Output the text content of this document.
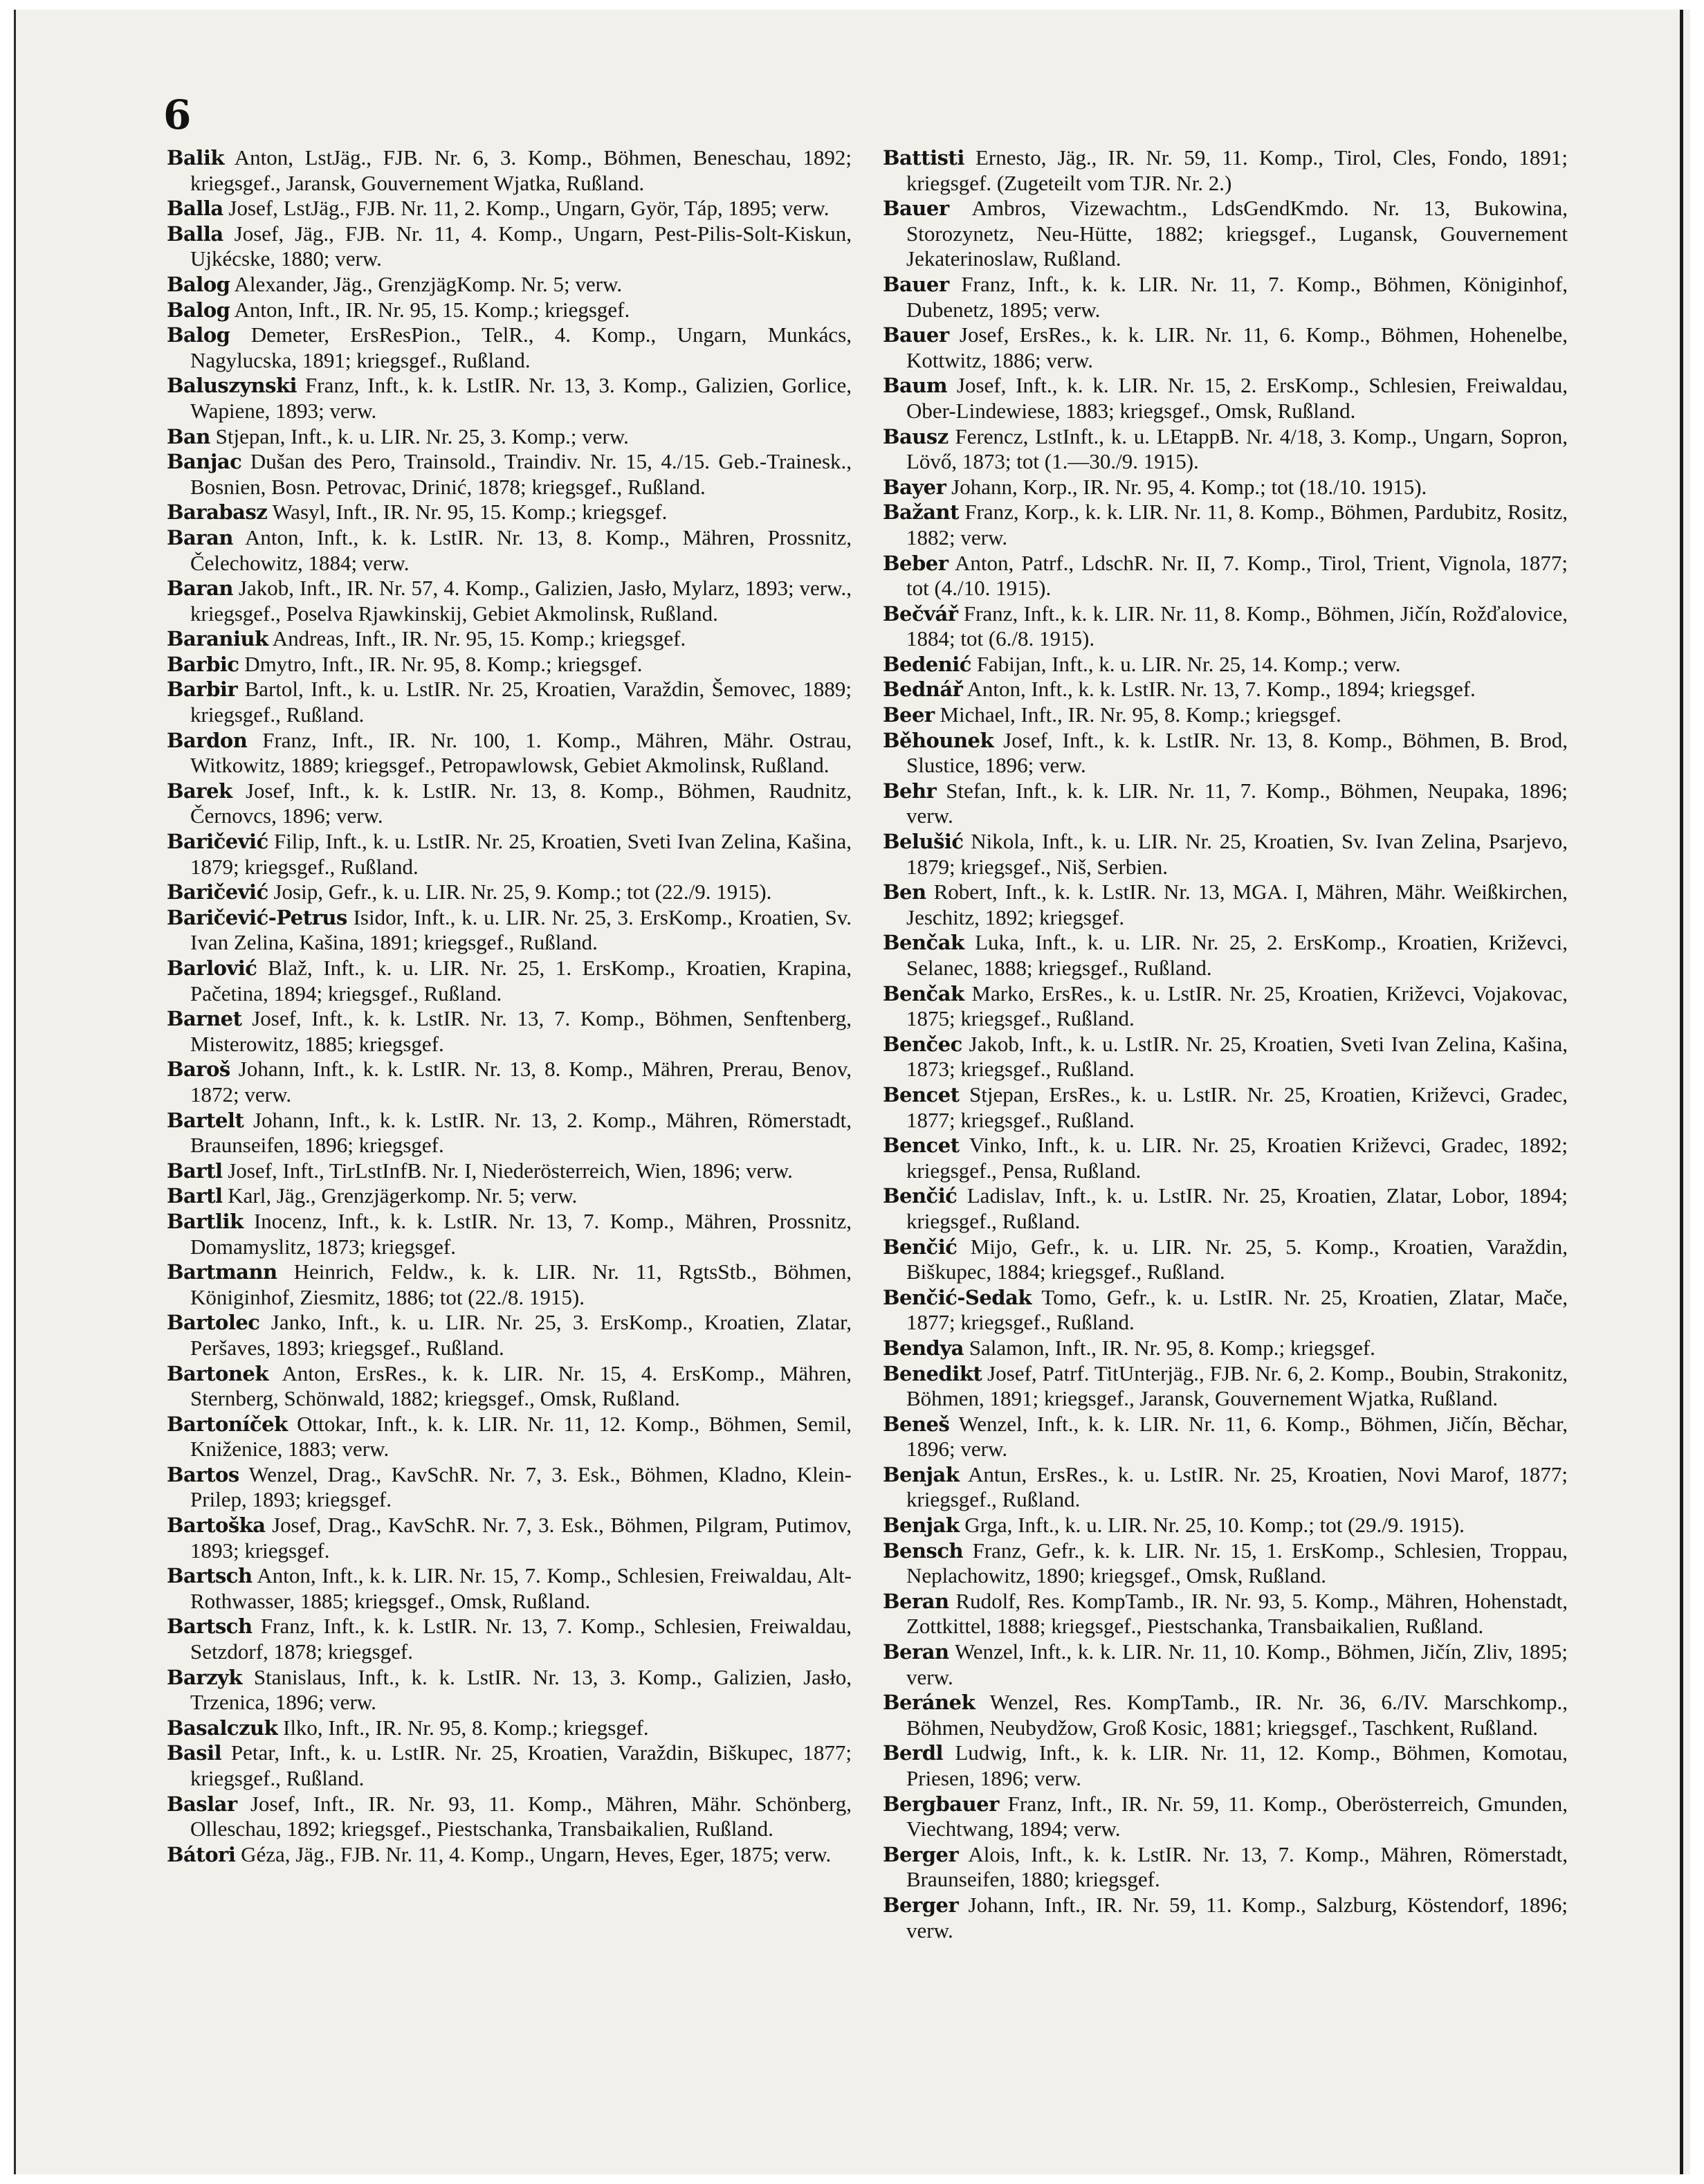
6
Balik Anton, LstJäg., FJB. Nr. 6, 3. Komp., Böhmen, Beneschau, 1892; kriegsgef., Jaransk, Gouvernement Wjatka, Rußland.
Balla Josef, LstJäg., FJB. Nr. 11, 2. Komp., Ungarn, Györ, Táp, 1895; verw.
Balla Josef, Jäg., FJB. Nr. 11, 4. Komp., Ungarn, Pest-Pilis-Solt-Kiskun, Ujkécske, 1880; verw.
Balog Alexander, Jäg., GrenzjägKomp. Nr. 5; verw.
Balog Anton, Inft., IR. Nr. 95, 15. Komp.; kriegsgef.
Balog Demeter, ErsResPion., TelR., 4. Komp., Ungarn, Munkács, Nagylucska, 1891; kriegsgef., Rußland.
Baluszynski Franz, Inft., k. k. LstIR. Nr. 13, 3. Komp., Galizien, Gorlice, Wapiene, 1893; verw.
Ban Stjepan, Inft., k. u. LIR. Nr. 25, 3. Komp.; verw.
Banjac Dušan des Pero, Trainsold., Traindiv. Nr. 15, 4./15. Geb.-Trainesk., Bosnien, Bosn. Petrovac, Drinić, 1878; kriegsgef., Rußland.
Barabasz Wasyl, Inft., IR. Nr. 95, 15. Komp.; kriegsgef.
Baran Anton, Inft., k. k. LstIR. Nr. 13, 8. Komp., Mähren, Prossnitz, Čelechowitz, 1884; verw.
Baran Jakob, Inft., IR. Nr. 57, 4. Komp., Galizien, Jasło, Mylarz, 1893; verw., kriegsgef., Poselva Rjawkinskij, Gebiet Akmolinsk, Rußland.
Baraniuk Andreas, Inft., IR. Nr. 95, 15. Komp.; kriegsgef.
Barbic Dmytro, Inft., IR. Nr. 95, 8. Komp.; kriegsgef.
Barbir Bartol, Inft., k. u. LstIR. Nr. 25, Kroatien, Varaždin, Šemovec, 1889; kriegsgef., Rußland.
Bardon Franz, Inft., IR. Nr. 100, 1. Komp., Mähren, Mähr. Ostrau, Witkowitz, 1889; kriegsgef., Petropawlowsk, Gebiet Akmolinsk, Rußland.
Barek Josef, Inft., k. k. LstIR. Nr. 13, 8. Komp., Böhmen, Raudnitz, Černovcs, 1896; verw.
Baričević Filip, Inft., k. u. LstIR. Nr. 25, Kroatien, Sveti Ivan Zelina, Kašina, 1879; kriegsgef., Rußland.
Baričević Josip, Gefr., k. u. LIR. Nr. 25, 9. Komp.; tot (22./9. 1915).
Baričević-Petrus Isidor, Inft., k. u. LIR. Nr. 25, 3. ErsKomp., Kroatien, Sv. Ivan Zelina, Kašina, 1891; kriegsgef., Rußland.
Barlović Blaž, Inft., k. u. LIR. Nr. 25, 1. ErsKomp., Kroatien, Krapina, Pačetina, 1894; kriegsgef., Rußland.
Barnet Josef, Inft., k. k. LstIR. Nr. 13, 7. Komp., Böhmen, Senftenberg, Misterowitz, 1885; kriegsgef.
Baroš Johann, Inft., k. k. LstIR. Nr. 13, 8. Komp., Mähren, Prerau, Benov, 1872; verw.
Bartelt Johann, Inft., k. k. LstIR. Nr. 13, 2. Komp., Mähren, Römerstadt, Braunseifen, 1896; kriegsgef.
Bartl Josef, Inft., TirLstInfB. Nr. I, Niederösterreich, Wien, 1896; verw.
Bartl Karl, Jäg., Grenzjägerkomp. Nr. 5; verw.
Bartlik Inocenz, Inft., k. k. LstIR. Nr. 13, 7. Komp., Mähren, Prossnitz, Domamyslitz, 1873; kriegsgef.
Bartmann Heinrich, Feldw., k. k. LIR. Nr. 11, RgtsStb., Böhmen, Königinhof, Ziesmitz, 1886; tot (22./8. 1915).
Bartolec Janko, Inft., k. u. LIR. Nr. 25, 3. ErsKomp., Kroatien, Zlatar, Peršaves, 1893; kriegsgef., Rußland.
Bartonek Anton, ErsRes., k. k. LIR. Nr. 15, 4. ErsKomp., Mähren, Sternberg, Schönwald, 1882; kriegsgef., Omsk, Rußland.
Bartoníček Ottokar, Inft., k. k. LIR. Nr. 11, 12. Komp., Böhmen, Semil, Kniženice, 1883; verw.
Bartos Wenzel, Drag., KavSchR. Nr. 7, 3. Esk., Böhmen, Kladno, Klein-Prilep, 1893; kriegsgef.
Bartoška Josef, Drag., KavSchR. Nr. 7, 3. Esk., Böhmen, Pilgram, Putimov, 1893; kriegsgef.
Bartsch Anton, Inft., k. k. LIR. Nr. 15, 7. Komp., Schlesien, Freiwaldau, Alt-Rothwasser, 1885; kriegsgef., Omsk, Rußland.
Bartsch Franz, Inft., k. k. LstIR. Nr. 13, 7. Komp., Schlesien, Freiwaldau, Setzdorf, 1878; kriegsgef.
Barzyk Stanislaus, Inft., k. k. LstIR. Nr. 13, 3. Komp., Galizien, Jasło, Trzenica, 1896; verw.
Basalczuk Ilko, Inft., IR. Nr. 95, 8. Komp.; kriegsgef.
Basil Petar, Inft., k. u. LstIR. Nr. 25, Kroatien, Varaždin, Biškupec, 1877; kriegsgef., Rußland.
Baslar Josef, Inft., IR. Nr. 93, 11. Komp., Mähren, Mähr. Schönberg, Olleschau, 1892; kriegsgef., Piestschanka, Transbaikalien, Rußland.
Bátori Géza, Jäg., FJB. Nr. 11, 4. Komp., Ungarn, Heves, Eger, 1875; verw.
Battisti Ernesto, Jäg., IR. Nr. 59, 11. Komp., Tirol, Cles, Fondo, 1891; kriegsgef. (Zugeteilt vom TJR. Nr. 2.)
Bauer Ambros, Vizewachtm., LdsGendKmdo. Nr. 13, Bukowina, Storozynetz, Neu-Hütte, 1882; kriegsgef., Lugansk, Gouvernement Jekaterinoslaw, Rußland.
Bauer Franz, Inft., k. k. LIR. Nr. 11, 7. Komp., Böhmen, Königinhof, Dubenetz, 1895; verw.
Bauer Josef, ErsRes., k. k. LIR. Nr. 11, 6. Komp., Böhmen, Hohenelbe, Kottwitz, 1886; verw.
Baum Josef, Inft., k. k. LIR. Nr. 15, 2. ErsKomp., Schlesien, Freiwaldau, Ober-Lindewiese, 1883; kriegsgef., Omsk, Rußland.
Bausz Ferencz, LstInft., k. u. LEtappB. Nr. 4/18, 3. Komp., Ungarn, Sopron, Lövő, 1873; tot (1.—30./9. 1915).
Bayer Johann, Korp., IR. Nr. 95, 4. Komp.; tot (18./10. 1915).
Bažant Franz, Korp., k. k. LIR. Nr. 11, 8. Komp., Böhmen, Pardubitz, Rositz, 1882; verw.
Beber Anton, Patrf., LdschR. Nr. II, 7. Komp., Tirol, Trient, Vignola, 1877; tot (4./10. 1915).
Bečvář Franz, Inft., k. k. LIR. Nr. 11, 8. Komp., Böhmen, Jičín, Rožďalovice, 1884; tot (6./8. 1915).
Bedenić Fabijan, Inft., k. u. LIR. Nr. 25, 14. Komp.; verw.
Bednář Anton, Inft., k. k. LstIR. Nr. 13, 7. Komp., 1894; kriegsgef.
Beer Michael, Inft., IR. Nr. 95, 8. Komp.; kriegsgef.
Běhounek Josef, Inft., k. k. LstIR. Nr. 13, 8. Komp., Böhmen, B. Brod, Slustice, 1896; verw.
Behr Stefan, Inft., k. k. LIR. Nr. 11, 7. Komp., Böhmen, Neupaka, 1896; verw.
Belušić Nikola, Inft., k. u. LIR. Nr. 25, Kroatien, Sv. Ivan Zelina, Psarjevo, 1879; kriegsgef., Niš, Serbien.
Ben Robert, Inft., k. k. LstIR. Nr. 13, MGA. I, Mähren, Mähr. Weißkirchen, Jeschitz, 1892; kriegsgef.
Benčak Luka, Inft., k. u. LIR. Nr. 25, 2. ErsKomp., Kroatien, Križevci, Selanec, 1888; kriegsgef., Rußland.
Benčak Marko, ErsRes., k. u. LstIR. Nr. 25, Kroatien, Križevci, Vojakovac, 1875; kriegsgef., Rußland.
Benčec Jakob, Inft., k. u. LstIR. Nr. 25, Kroatien, Sveti Ivan Zelina, Kašina, 1873; kriegsgef., Rußland.
Bencet Stjepan, ErsRes., k. u. LstIR. Nr. 25, Kroatien, Križevci, Gradec, 1877; kriegsgef., Rußland.
Bencet Vinko, Inft., k. u. LIR. Nr. 25, Kroatien Križevci, Gradec, 1892; kriegsgef., Pensa, Rußland.
Benčić Ladislav, Inft., k. u. LstIR. Nr. 25, Kroatien, Zlatar, Lobor, 1894; kriegsgef., Rußland.
Benčić Mijo, Gefr., k. u. LIR. Nr. 25, 5. Komp., Kroatien, Varaždin, Biškupec, 1884; kriegsgef., Rußland.
Benčić-Sedak Tomo, Gefr., k. u. LstIR. Nr. 25, Kroatien, Zlatar, Mače, 1877; kriegsgef., Rußland.
Bendya Salamon, Inft., IR. Nr. 95, 8. Komp.; kriegsgef.
Benedikt Josef, Patrf. TitUnterjäg., FJB. Nr. 6, 2. Komp., Boubin, Strakonitz, Böhmen, 1891; kriegsgef., Jaransk, Gouvernement Wjatka, Rußland.
Beneš Wenzel, Inft., k. k. LIR. Nr. 11, 6. Komp., Böhmen, Jičín, Běchar, 1896; verw.
Benjak Antun, ErsRes., k. u. LstIR. Nr. 25, Kroatien, Novi Marof, 1877; kriegsgef., Rußland.
Benjak Grga, Inft., k. u. LIR. Nr. 25, 10. Komp.; tot (29./9. 1915).
Bensch Franz, Gefr., k. k. LIR. Nr. 15, 1. ErsKomp., Schlesien, Troppau, Neplachowitz, 1890; kriegsgef., Omsk, Rußland.
Beran Rudolf, Res. KompTamb., IR. Nr. 93, 5. Komp., Mähren, Hohenstadt, Zottkittel, 1888; kriegsgef., Piestschanka, Transbaikalien, Rußland.
Beran Wenzel, Inft., k. k. LIR. Nr. 11, 10. Komp., Böhmen, Jičín, Zliv, 1895; verw.
Beránek Wenzel, Res. KompTamb., IR. Nr. 36, 6./IV. Marschkomp., Böhmen, Neubydžow, Groß Kosic, 1881; kriegsgef., Taschkent, Rußland.
Berdl Ludwig, Inft., k. k. LIR. Nr. 11, 12. Komp., Böhmen, Komotau, Priesen, 1896; verw.
Bergbauer Franz, Inft., IR. Nr. 59, 11. Komp., Oberösterreich, Gmunden, Viechtwang, 1894; verw.
Berger Alois, Inft., k. k. LstIR. Nr. 13, 7. Komp., Mähren, Römerstadt, Braunseifen, 1880; kriegsgef.
Berger Johann, Inft., IR. Nr. 59, 11. Komp., Salzburg, Köstendorf, 1896; verw.
